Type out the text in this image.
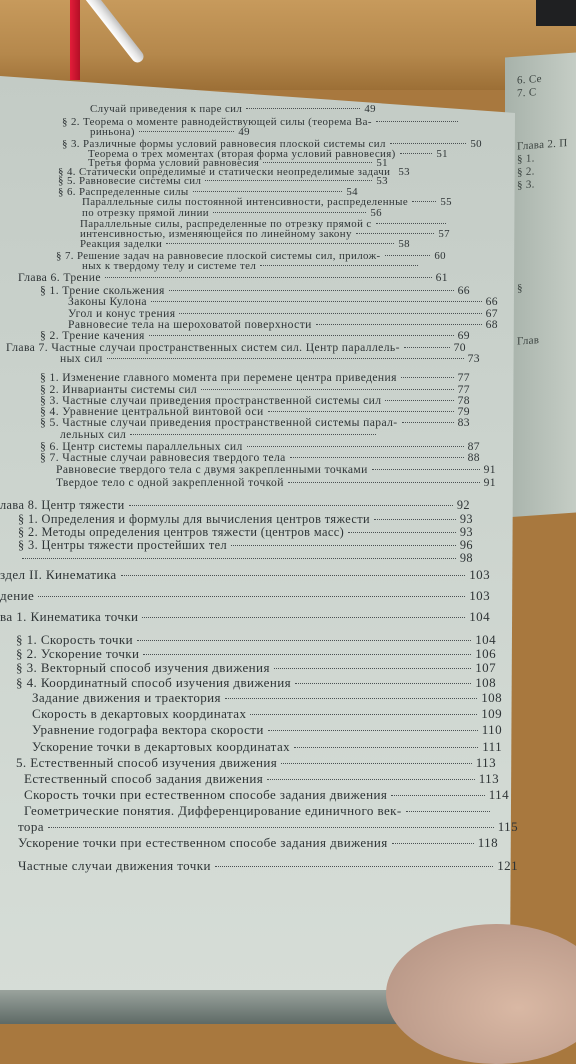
6. Се
7. С
Глава 2. П
§ 1.
§ 2.
§ 3.
§
Глав
Случай приведения к паре сил	49
§ 2. Теорема о моменте равнодействующей силы (теорема Ва-
риньона)	49
§ 3. Различные формы условий равновесия плоской системы сил	50
Теорема о трех моментах (вторая форма условий равновесия)	51
Третья форма условий равновесия	51
§ 4. Статически определимые и статически неопределимые задачи 53
§ 5. Равновесие системы сил	53
§ 6. Распределенные силы	54
Параллельные силы постоянной интенсивности, распределенные	55
по отрезку прямой линии	56
Параллельные силы, распределенные по отрезку прямой с
интенсивностью, изменяющейся по линейному закону	57
Реакция заделки	58
§ 7. Решение задач на равновесие плоской системы сил, прилож-	60
ных к твердому телу и системе тел
Глава 6. Трение	61
§ 1. Трение скольжения	66
Законы Кулона	66
Угол и конус трения	67
Равновесие тела на шероховатой поверхности	68
§ 2. Трение качения	69
Глава 7. Частные случаи пространственных систем сил. Центр параллель-	70
ных сил	73
§ 1. Изменение главного момента при перемене центра приведения	77
§ 2. Инварианты системы сил	77
§ 3. Частные случаи приведения пространственной системы сил	78
§ 4. Уравнение центральной винтовой оси	79
§ 5. Частные случаи приведения пространственной системы парал-	83
лельных сил
§ 6. Центр системы параллельных сил	87
§ 7. Частные случаи равновесия твердого тела	88
Равновесие твердого тела с двумя закрепленными точками	91
Твердое тело с одной закрепленной точкой	91
лава 8. Центр тяжести	92
§ 1. Определения и формулы для вычисления центров тяжести	93
§ 2. Методы определения центров тяжести (центров масс)	93
§ 3. Центры тяжести простейших тел	96
98
здел II. Кинематика	103
дение	103
ва 1. Кинематика точки	104
§ 1. Скорость точки	104
§ 2. Ускорение точки	106
§ 3. Векторный способ изучения движения	107
§ 4. Координатный способ изучения движения	108
Задание движения и траектория	108
Скорость в декартовых координатах	109
Уравнение годографа вектора скорости	110
Ускорение точки в декартовых координатах	111
5. Естественный способ изучения движения	113
Естественный способ задания движения	113
Скорость точки при естественном способе задания движения	114
Геометрические понятия. Дифференцирование единичного век-
тора	115
Ускорение точки при естественном способе задания движения	118
Частные случаи движения точки	121
